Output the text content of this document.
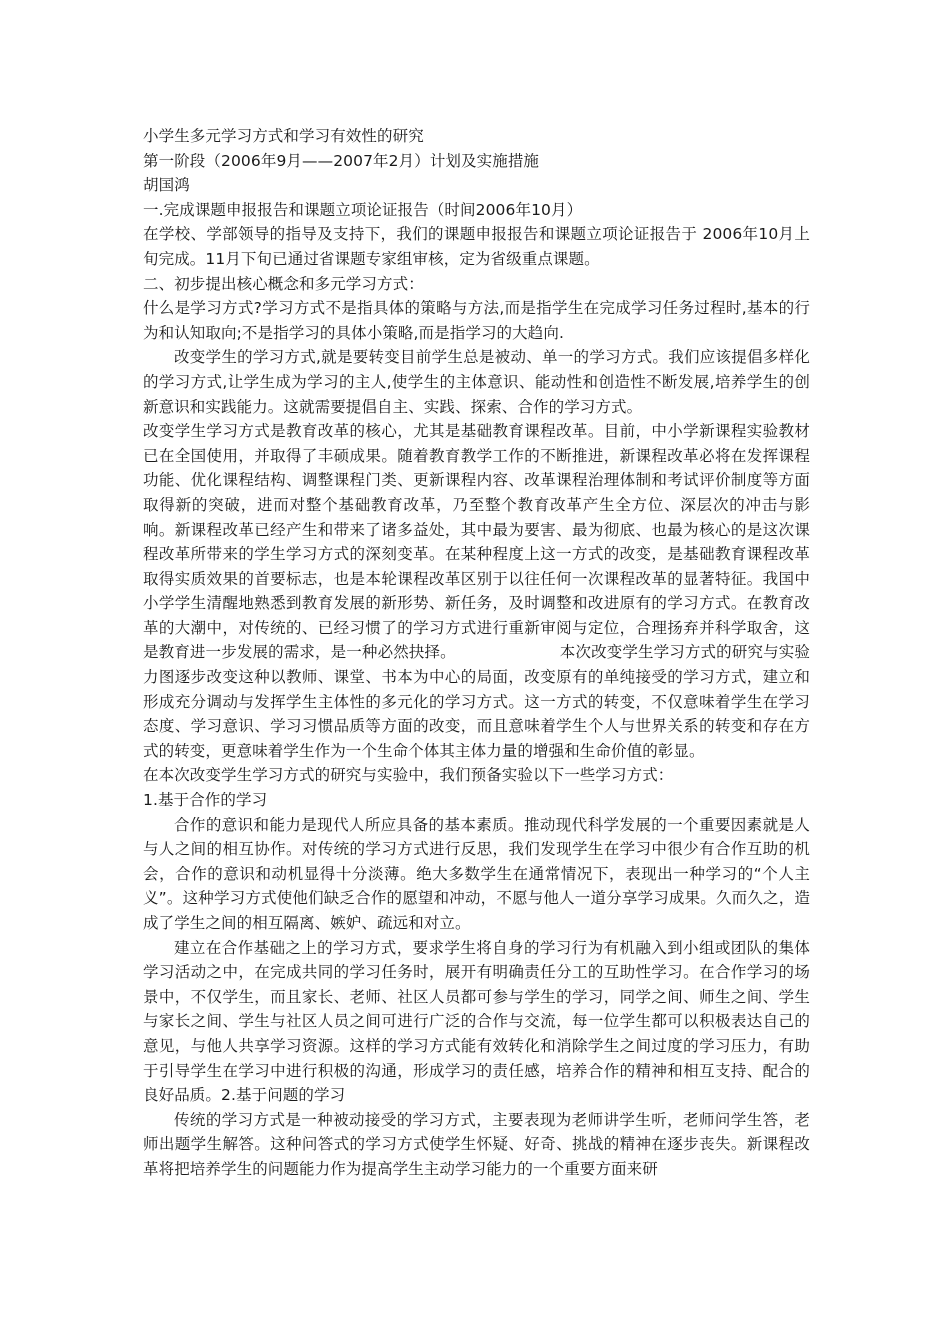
小学生多元学习方式和学习有效性的研究

第一阶段（2006年9月——2007年2月）计划及实施措施

胡国鸿

一.完成课题申报报告和课题立项论证报告（时间2006年10月）

在学校、学部领导的指导及支持下，我们的课题申报报告和课题立项论证报告于 2006年10月上旬完成。11月下旬已通过省课题专家组审核，定为省级重点课题。

二、初步提出核心概念和多元学习方式：

什么是学习方式?学习方式不是指具体的策略与方法,而是指学生在完成学习任务过程时,基本的行为和认知取向;不是指学习的具体小策略,而是指学习的大趋向.

改变学生的学习方式,就是要转变目前学生总是被动、单一的学习方式。我们应该提倡多样化的学习方式,让学生成为学习的主人,使学生的主体意识、能动性和创造性不断发展,培养学生的创新意识和实践能力。这就需要提倡自主、实践、探索、合作的学习方式。

改变学生学习方式是教育改革的核心，尤其是基础教育课程改革。目前，中小学新课程实验教材已在全国使用，并取得了丰硕成果。随着教育教学工作的不断推进，新课程改革必将在发挥课程功能、优化课程结构、调整课程门类、更新课程内容、改革课程治理体制和考试评价制度等方面取得新的突破，进而对整个基础教育改革，乃至整个教育改革产生全方位、深层次的冲击与影响。新课程改革已经产生和带来了诸多益处，其中最为要害、最为彻底、也最为核心的是这次课程改革所带来的学生学习方式的深刻变革。在某种程度上这一方式的改变，是基础教育课程改革取得实质效果的首要标志，也是本轮课程改革区别于以往任何一次课程改革的显著特征。我国中小学学生清醒地熟悉到教育发展的新形势、新任务，及时调整和改进原有的学习方式。在教育改革的大潮中，对传统的、已经习惯了的学习方式进行重新审阅与定位，合理扬弃并科学取舍，这是教育进一步发展的需求，是一种必然抉择。	本次改变学生学习方式的研究与实验力图逐步改变这种以教师、课堂、书本为中心的局面，改变原有的单纯接受的学习方式，建立和形成充分调动与发挥学生主体性的多元化的学习方式。这一方式的转变，不仅意味着学生在学习态度、学习意识、学习习惯品质等方面的改变，而且意味着学生个人与世界关系的转变和存在方式的转变，更意味着学生作为一个生命个体其主体力量的增强和生命价值的彰显。

在本次改变学生学习方式的研究与实验中，我们预备实验以下一些学习方式：

1.基于合作的学习

合作的意识和能力是现代人所应具备的基本素质。推动现代科学发展的一个重要因素就是人与人之间的相互协作。对传统的学习方式进行反思，我们发现学生在学习中很少有合作互助的机会，合作的意识和动机显得十分淡薄。绝大多数学生在通常情况下，表现出一种学习的“个人主义”。这种学习方式使他们缺乏合作的愿望和冲动，不愿与他人一道分享学习成果。久而久之，造成了学生之间的相互隔离、嫉妒、疏远和对立。

建立在合作基础之上的学习方式，要求学生将自身的学习行为有机融入到小组或团队的集体学习活动之中，在完成共同的学习任务时，展开有明确责任分工的互助性学习。在合作学习的场景中，不仅学生，而且家长、老师、社区人员都可参与学生的学习，同学之间、师生之间、学生与家长之间、学生与社区人员之间可进行广泛的合作与交流，每一位学生都可以积极表达自己的意见，与他人共享学习资源。这样的学习方式能有效转化和消除学生之间过度的学习压力，有助于引导学生在学习中进行积极的沟通，形成学习的责任感，培养合作的精神和相互支持、配合的良好品质。2.基于问题的学习

传统的学习方式是一种被动接受的学习方式，主要表现为老师讲学生听，老师问学生答，老师出题学生解答。这种问答式的学习方式使学生怀疑、好奇、挑战的精神在逐步丧失。新课程改革将把培养学生的问题能力作为提高学生主动学习能力的一个重要方面来研
